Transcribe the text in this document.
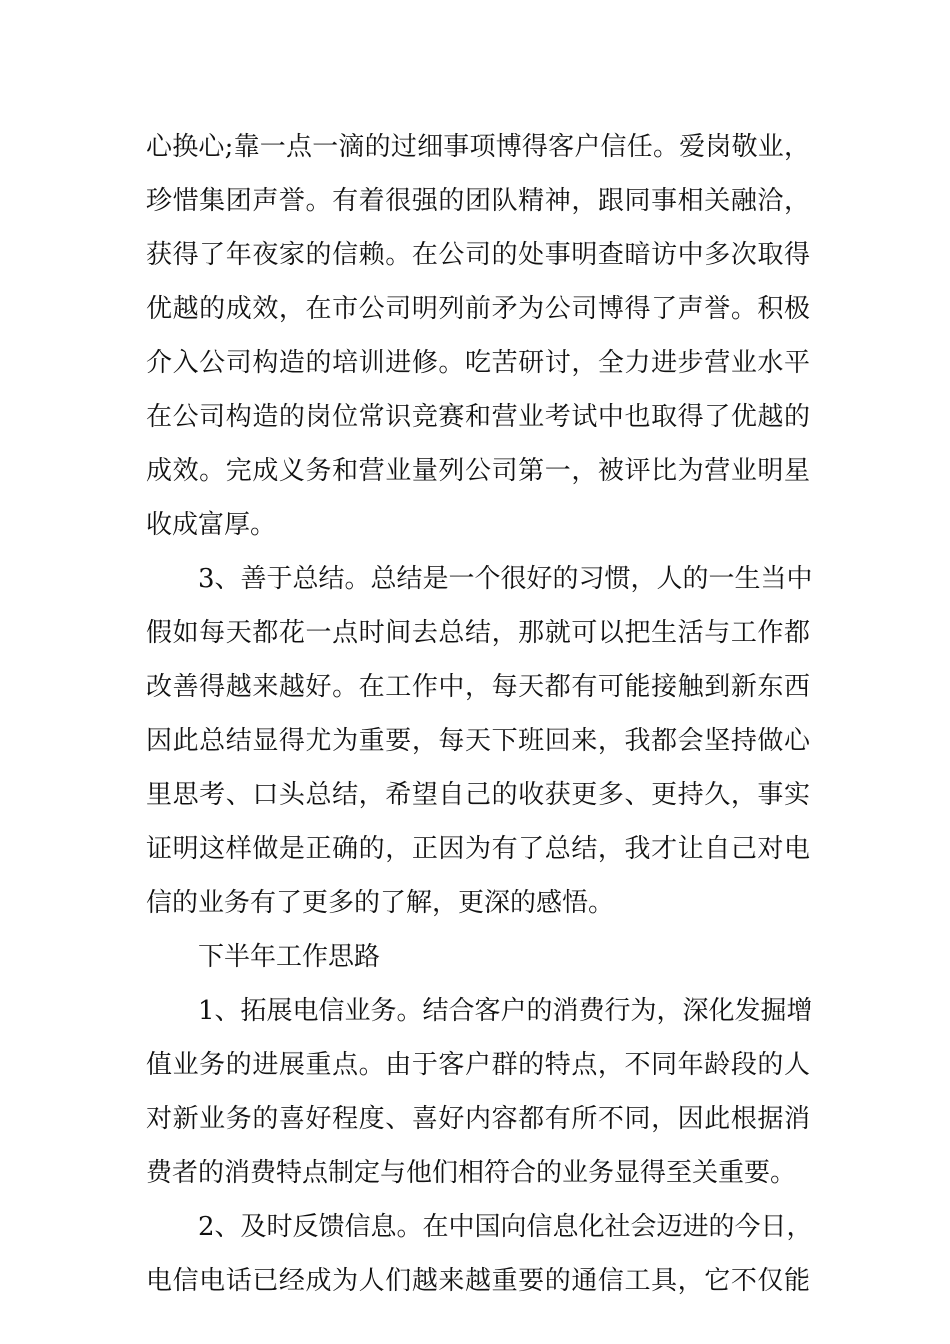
心换心;靠一点一滴的过细事项博得客户信任。爱岗敬业，
珍惜集团声誉。有着很强的团队精神，跟同事相关融洽，
获得了年夜家的信赖。在公司的处事明查暗访中多次取得
优越的成效，在市公司明列前矛为公司博得了声誉。积极
介入公司构造的培训进修。吃苦研讨，全力进步营业水平
在公司构造的岗位常识竞赛和营业考试中也取得了优越的
成效。完成义务和营业量列公司第一，被评比为营业明星
收成富厚。
3、善于总结。总结是一个很好的习惯，人的一生当中
假如每天都花一点时间去总结，那就可以把生活与工作都
改善得越来越好。在工作中，每天都有可能接触到新东西
因此总结显得尤为重要，每天下班回来，我都会坚持做心
里思考、口头总结，希望自己的收获更多、更持久，事实
证明这样做是正确的，正因为有了总结，我才让自己对电
信的业务有了更多的了解，更深的感悟。
下半年工作思路
1、拓展电信业务。结合客户的消费行为，深化发掘增
值业务的进展重点。由于客户群的特点，不同年龄段的人
对新业务的喜好程度、喜好内容都有所不同，因此根据消
费者的消费特点制定与他们相符合的业务显得至关重要。
2、及时反馈信息。在中国向信息化社会迈进的今日，
电信电话已经成为人们越来越重要的通信工具，它不仅能
